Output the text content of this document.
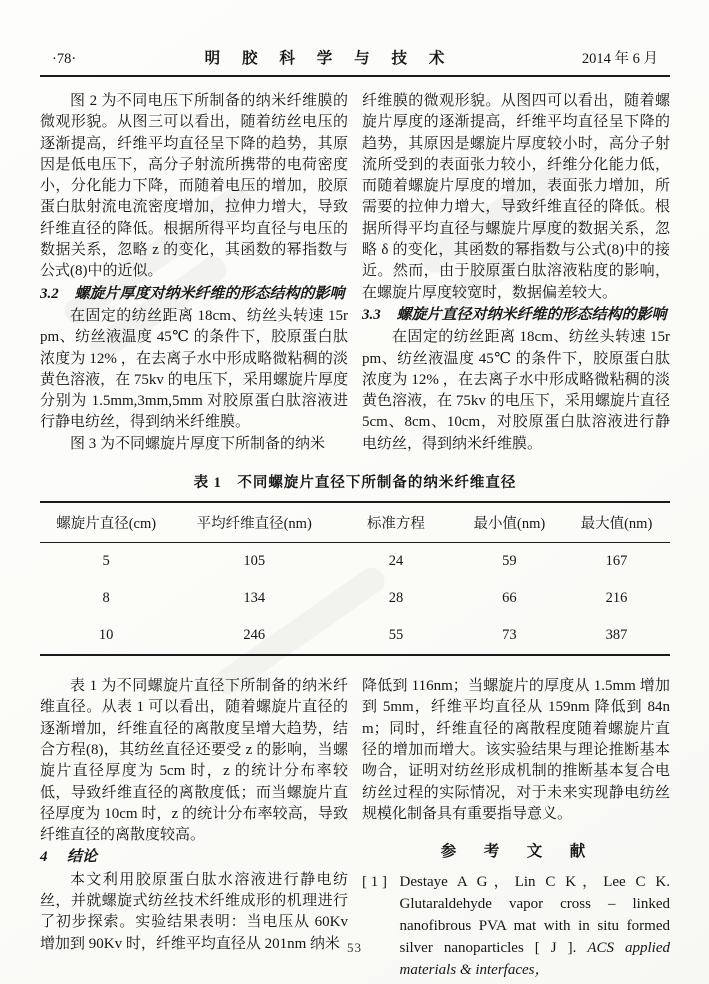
·78·	明 胶 科 学 与 技 术	2014 年 6 月

图 2 为不同电压下所制备的纳米纤维膜的微观形貌。从图三可以看出，随着纺丝电压的逐渐提高，纤维平均直径呈下降的趋势，其原因是低电压下，高分子射流所携带的电荷密度小，分化能力下降，而随着电压的增加，胶原蛋白肽射流电流密度增加，拉伸力增大，导致纤维直径的降低。根据所得平均直径与电压的数据关系，忽略 z 的变化，其函数的幂指数与公式(8)中的近似。

3.2	螺旋片厚度对纳米纤维的形态结构的影响

在固定的纺丝距离 18cm、纺丝头转速 15rpm、纺丝液温度 45℃ 的条件下，胶原蛋白肽浓度为 12% ，在去离子水中形成略微粘稠的淡黄色溶液，在 75kv 的电压下，采用螺旋片厚度分别为 1.5mm,3mm,5mm 对胶原蛋白肽溶液进行静电纺丝，得到纳米纤维膜。

图 3 为不同螺旋片厚度下所制备的纳米

纤维膜的微观形貌。从图四可以看出，随着螺旋片厚度的逐渐提高，纤维平均直径呈下降的趋势，其原因是螺旋片厚度较小时，高分子射流所受到的表面张力较小，纤维分化能力低，而随着螺旋片厚度的增加，表面张力增加，所需要的拉伸力增大，导致纤维直径的降低。根据所得平均直径与螺旋片厚度的数据关系，忽略 δ 的变化，其函数的幂指数与公式(8)中的接近。然而，由于胶原蛋白肽溶液粘度的影响，在螺旋片厚度较宽时，数据偏差较大。

3.3	螺旋片直径对纳米纤维的形态结构的影响

在固定的纺丝距离 18cm、纺丝头转速 15rpm、纺丝液温度 45℃ 的条件下，胶原蛋白肽浓度为 12% ，在去离子水中形成略微粘稠的淡黄色溶液，在 75kv 的电压下，采用螺旋片直径 5cm、8cm、10cm，对胶原蛋白肽溶液进行静电纺丝，得到纳米纤维膜。

表 1　不同螺旋片直径下所制备的纳米纤维直径
螺旋片直径(cm)	平均纤维直径(nm)	标准方程	最小值(nm)	最大值(nm)
5	105	24	59	167
8	134	28	66	216
10	246	55	73	387

表 1 为不同螺旋片直径下所制备的纳米纤维直径。从表 1 可以看出，随着螺旋片直径的逐渐增加，纤维直径的离散度呈增大趋势，结合方程(8)，其纺丝直径还要受 z 的影响，当螺旋片直径厚度为 5cm 时，z 的统计分布率较低，导致纤维直径的离散度低；而当螺旋片直径厚度为 10cm 时，z 的统计分布率较高，导致纤维直径的离散度较高。

4	结论

本文利用胶原蛋白肽水溶液进行静电纺丝，并就螺旋式纺丝技术纤维成形的机理进行了初步探索。实验结果表明：当电压从 60Kv 增加到 90Kv 时，纤维平均直径从 201nm 纳米

降低到 116nm；当螺旋片的厚度从 1.5mm 增加到 5mm，纤维平均直径从 159nm 降低到 84nm；同时，纤维直径的离散程度随着螺旋片直径的增加而增大。该实验结果与理论推断基本吻合，证明对纺丝形成机制的推断基本复合电纺丝过程的实际情况，对于未来实现静电纺丝规模化制备具有重要指导意义。

参　考　文　献
[ 1 ] Destaye A G，Lin C K，Lee C K. Glutaraldehyde vapor cross – linked nanofibrous PVA mat with in situ formed silver nanoparticles [ J ]. ACS applied materials & interfaces，
53
